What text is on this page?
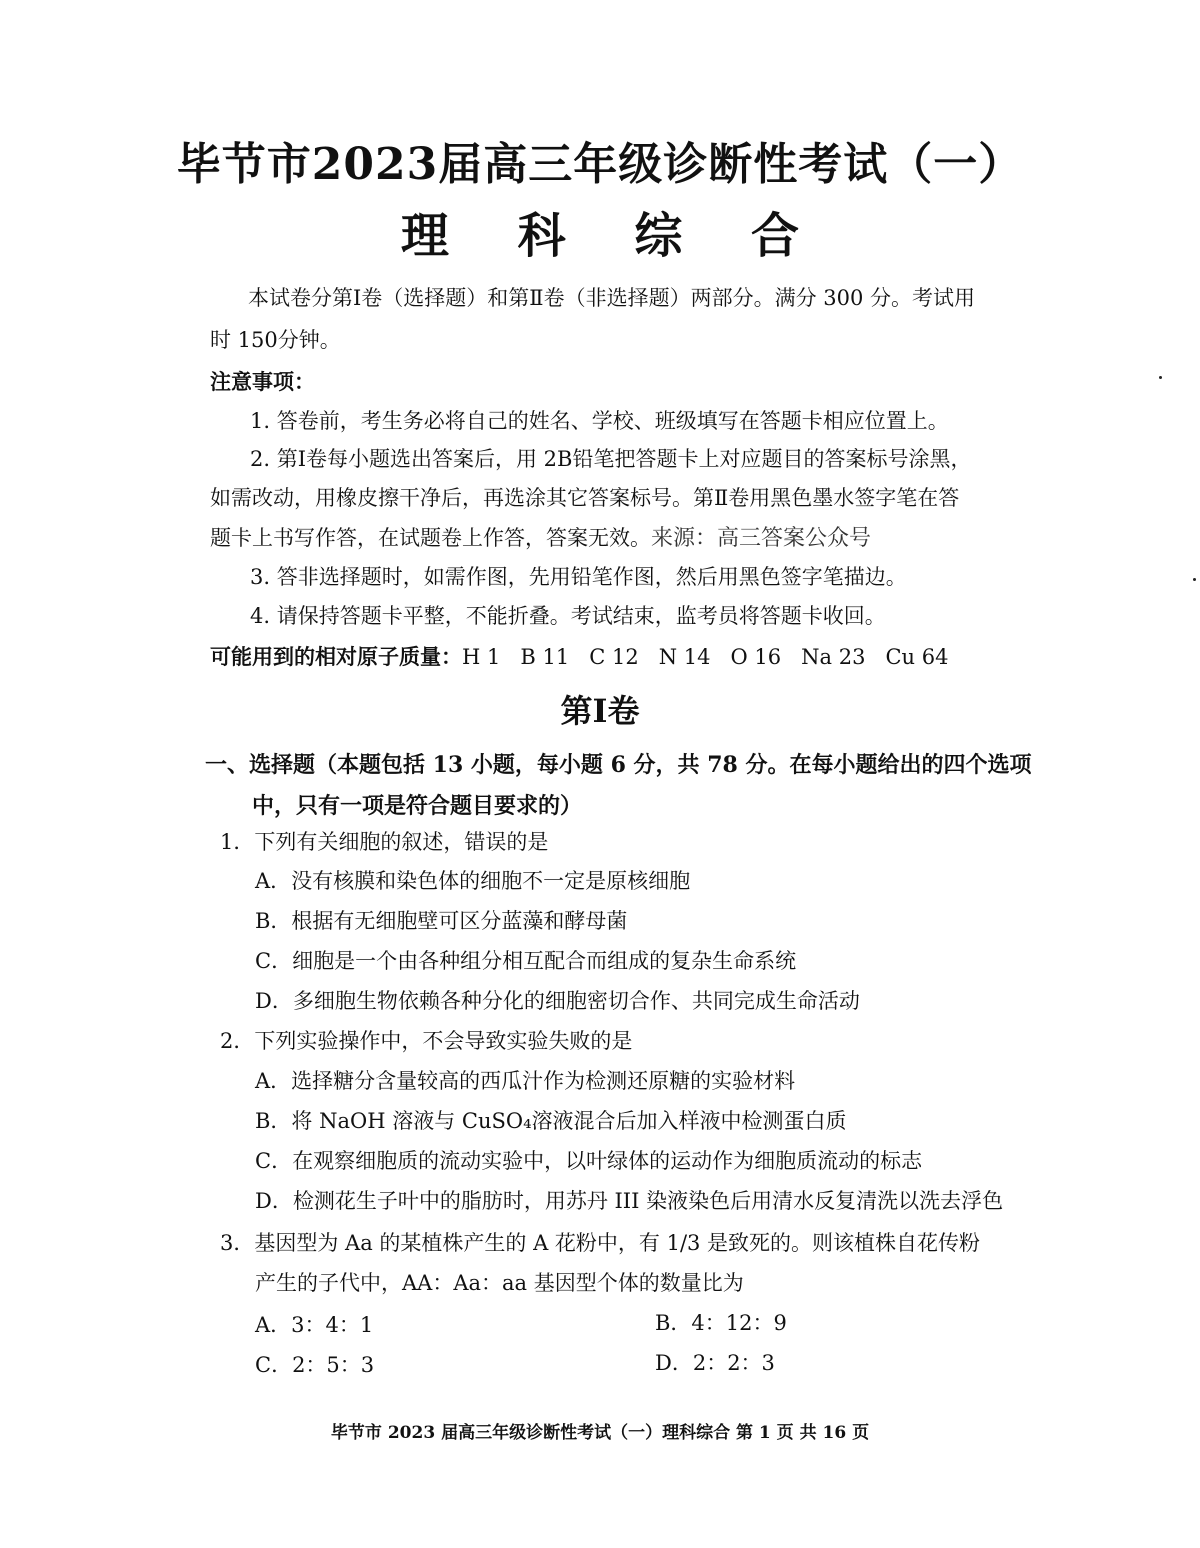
毕节市2023届高三年级诊断性考试（一）
理 科 综 合
本试卷分第Ⅰ卷（选择题）和第Ⅱ卷（非选择题）两部分。满分 300 分。考试用
时 150分钟。
注意事项：
1. 答卷前，考生务必将自己的姓名、学校、班级填写在答题卡相应位置上。
2. 第Ⅰ卷每小题选出答案后，用 2B铅笔把答题卡上对应题目的答案标号涂黑，
如需改动，用橡皮擦干净后，再选涂其它答案标号。第Ⅱ卷用黑色墨水签字笔在答
题卡上书写作答，在试题卷上作答，答案无效。来源：高三答案公众号
3. 答非选择题时，如需作图，先用铅笔作图，然后用黑色签字笔描边。
4. 请保持答题卡平整，不能折叠。考试结束，监考员将答题卡收回。
可能用到的相对原子质量：H 1   B 11   C 12   N 14   O 16   Na 23   Cu 64
第Ⅰ卷
一、选择题（本题包括 13 小题，每小题 6 分，共 78 分。在每小题给出的四个选项
中，只有一项是符合题目要求的）
1．下列有关细胞的叙述，错误的是
A．没有核膜和染色体的细胞不一定是原核细胞
B．根据有无细胞壁可区分蓝藻和酵母菌
C．细胞是一个由各种组分相互配合而组成的复杂生命系统
D．多细胞生物依赖各种分化的细胞密切合作、共同完成生命活动
2．下列实验操作中，不会导致实验失败的是
A．选择糖分含量较高的西瓜汁作为检测还原糖的实验材料
B．将 NaOH 溶液与 CuSO₄溶液混合后加入样液中检测蛋白质
C．在观察细胞质的流动实验中，以叶绿体的运动作为细胞质流动的标志
D．检测花生子叶中的脂肪时，用苏丹 III 染液染色后用清水反复清洗以洗去浮色
3．基因型为 Aa 的某植株产生的 A 花粉中，有 1/3 是致死的。则该植株自花传粉
产生的子代中，AA：Aa：aa 基因型个体的数量比为
A．3：4：1	B．4：12：9
C．2：5：3	D．2：2：3
毕节市 2023 届高三年级诊断性考试（一）理科综合 第 1 页 共 16 页
